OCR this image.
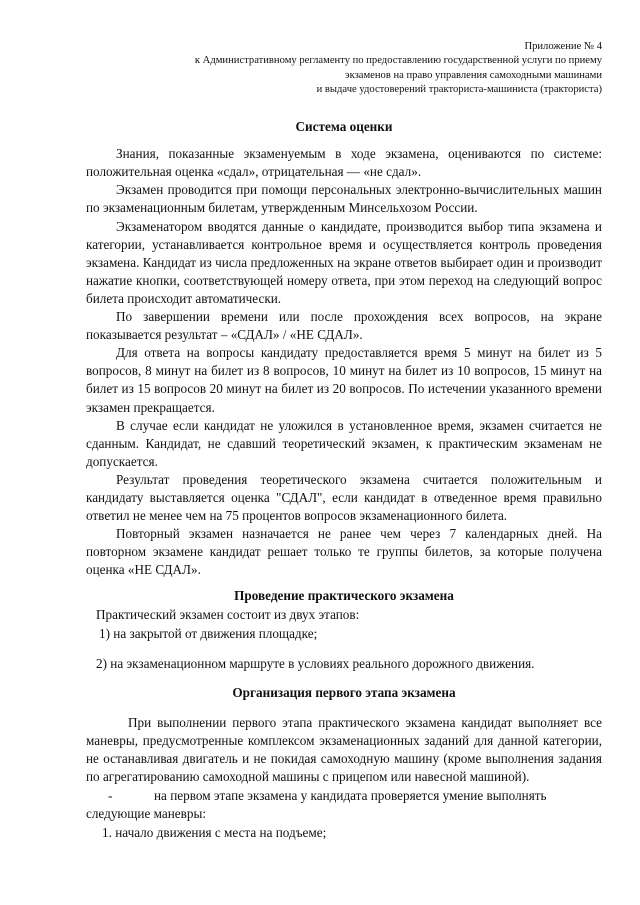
Приложение № 4
к Административному регламенту по предоставлению государственной услуги по приему
экзаменов на право управления самоходными машинами
и выдаче удостоверений тракториста-машиниста (тракториста)
Система оценки

Знания, показанные экзаменуемым в ходе экзамена, оцениваются по системе: положительная оценка «сдал», отрицательная — «не сдал».

Экзамен проводится при помощи персональных электронно-вычислительных машин по экзаменационным билетам, утвержденным Минсельхозом России.

Экзаменатором вводятся данные о кандидате, производится выбор типа экзамена и категории, устанавливается контрольное время и осуществляется контроль проведения экзамена. Кандидат из числа предложенных на экране ответов выбирает один и производит нажатие кнопки, соответствующей номеру ответа, при этом переход на следующий вопрос билета происходит автоматически.

По завершении времени или после прохождения всех вопросов, на экране показывается результат – «СДАЛ» / «НЕ СДАЛ».

Для ответа на вопросы кандидату предоставляется время 5 минут на билет из 5 вопросов, 8 минут на билет из 8 вопросов, 10 минут на билет из 10 вопросов, 15 минут на билет из 15 вопросов 20 минут на билет из 20 вопросов. По истечении указанного времени экзамен прекращается.

В случае если кандидат не уложился в установленное время, экзамен считается не сданным. Кандидат, не сдавший теоретический экзамен, к практическим экзаменам не допускается.

Результат проведения теоретического экзамена считается положительным и кандидату выставляется оценка "СДАЛ", если кандидат в отведенное время правильно ответил не менее чем на 75 процентов вопросов экзаменационного билета.

Повторный экзамен назначается не ранее чем через 7 календарных дней. На повторном экзамене кандидат решает только те группы билетов, за которые получена оценка «НЕ СДАЛ».

Проведение практического экзамена

Практический экзамен состоит из двух этапов:

1) на закрытой от движения площадке;

2) на экзаменационном маршруте в условиях реального дорожного движения.

Организация первого этапа экзамена

При выполнении первого этапа практического экзамена кандидат выполняет все маневры, предусмотренные комплексом экзаменационных заданий для данной категории, не останавливая двигатель и не покидая самоходную машину (кроме выполнения задания по агрегатированию самоходной машины с прицепом или навесной машиной).

-	на первом этапе экзамена у кандидата проверяется умение выполнять

следующие маневры:

1. начало движения с места на подъеме;
